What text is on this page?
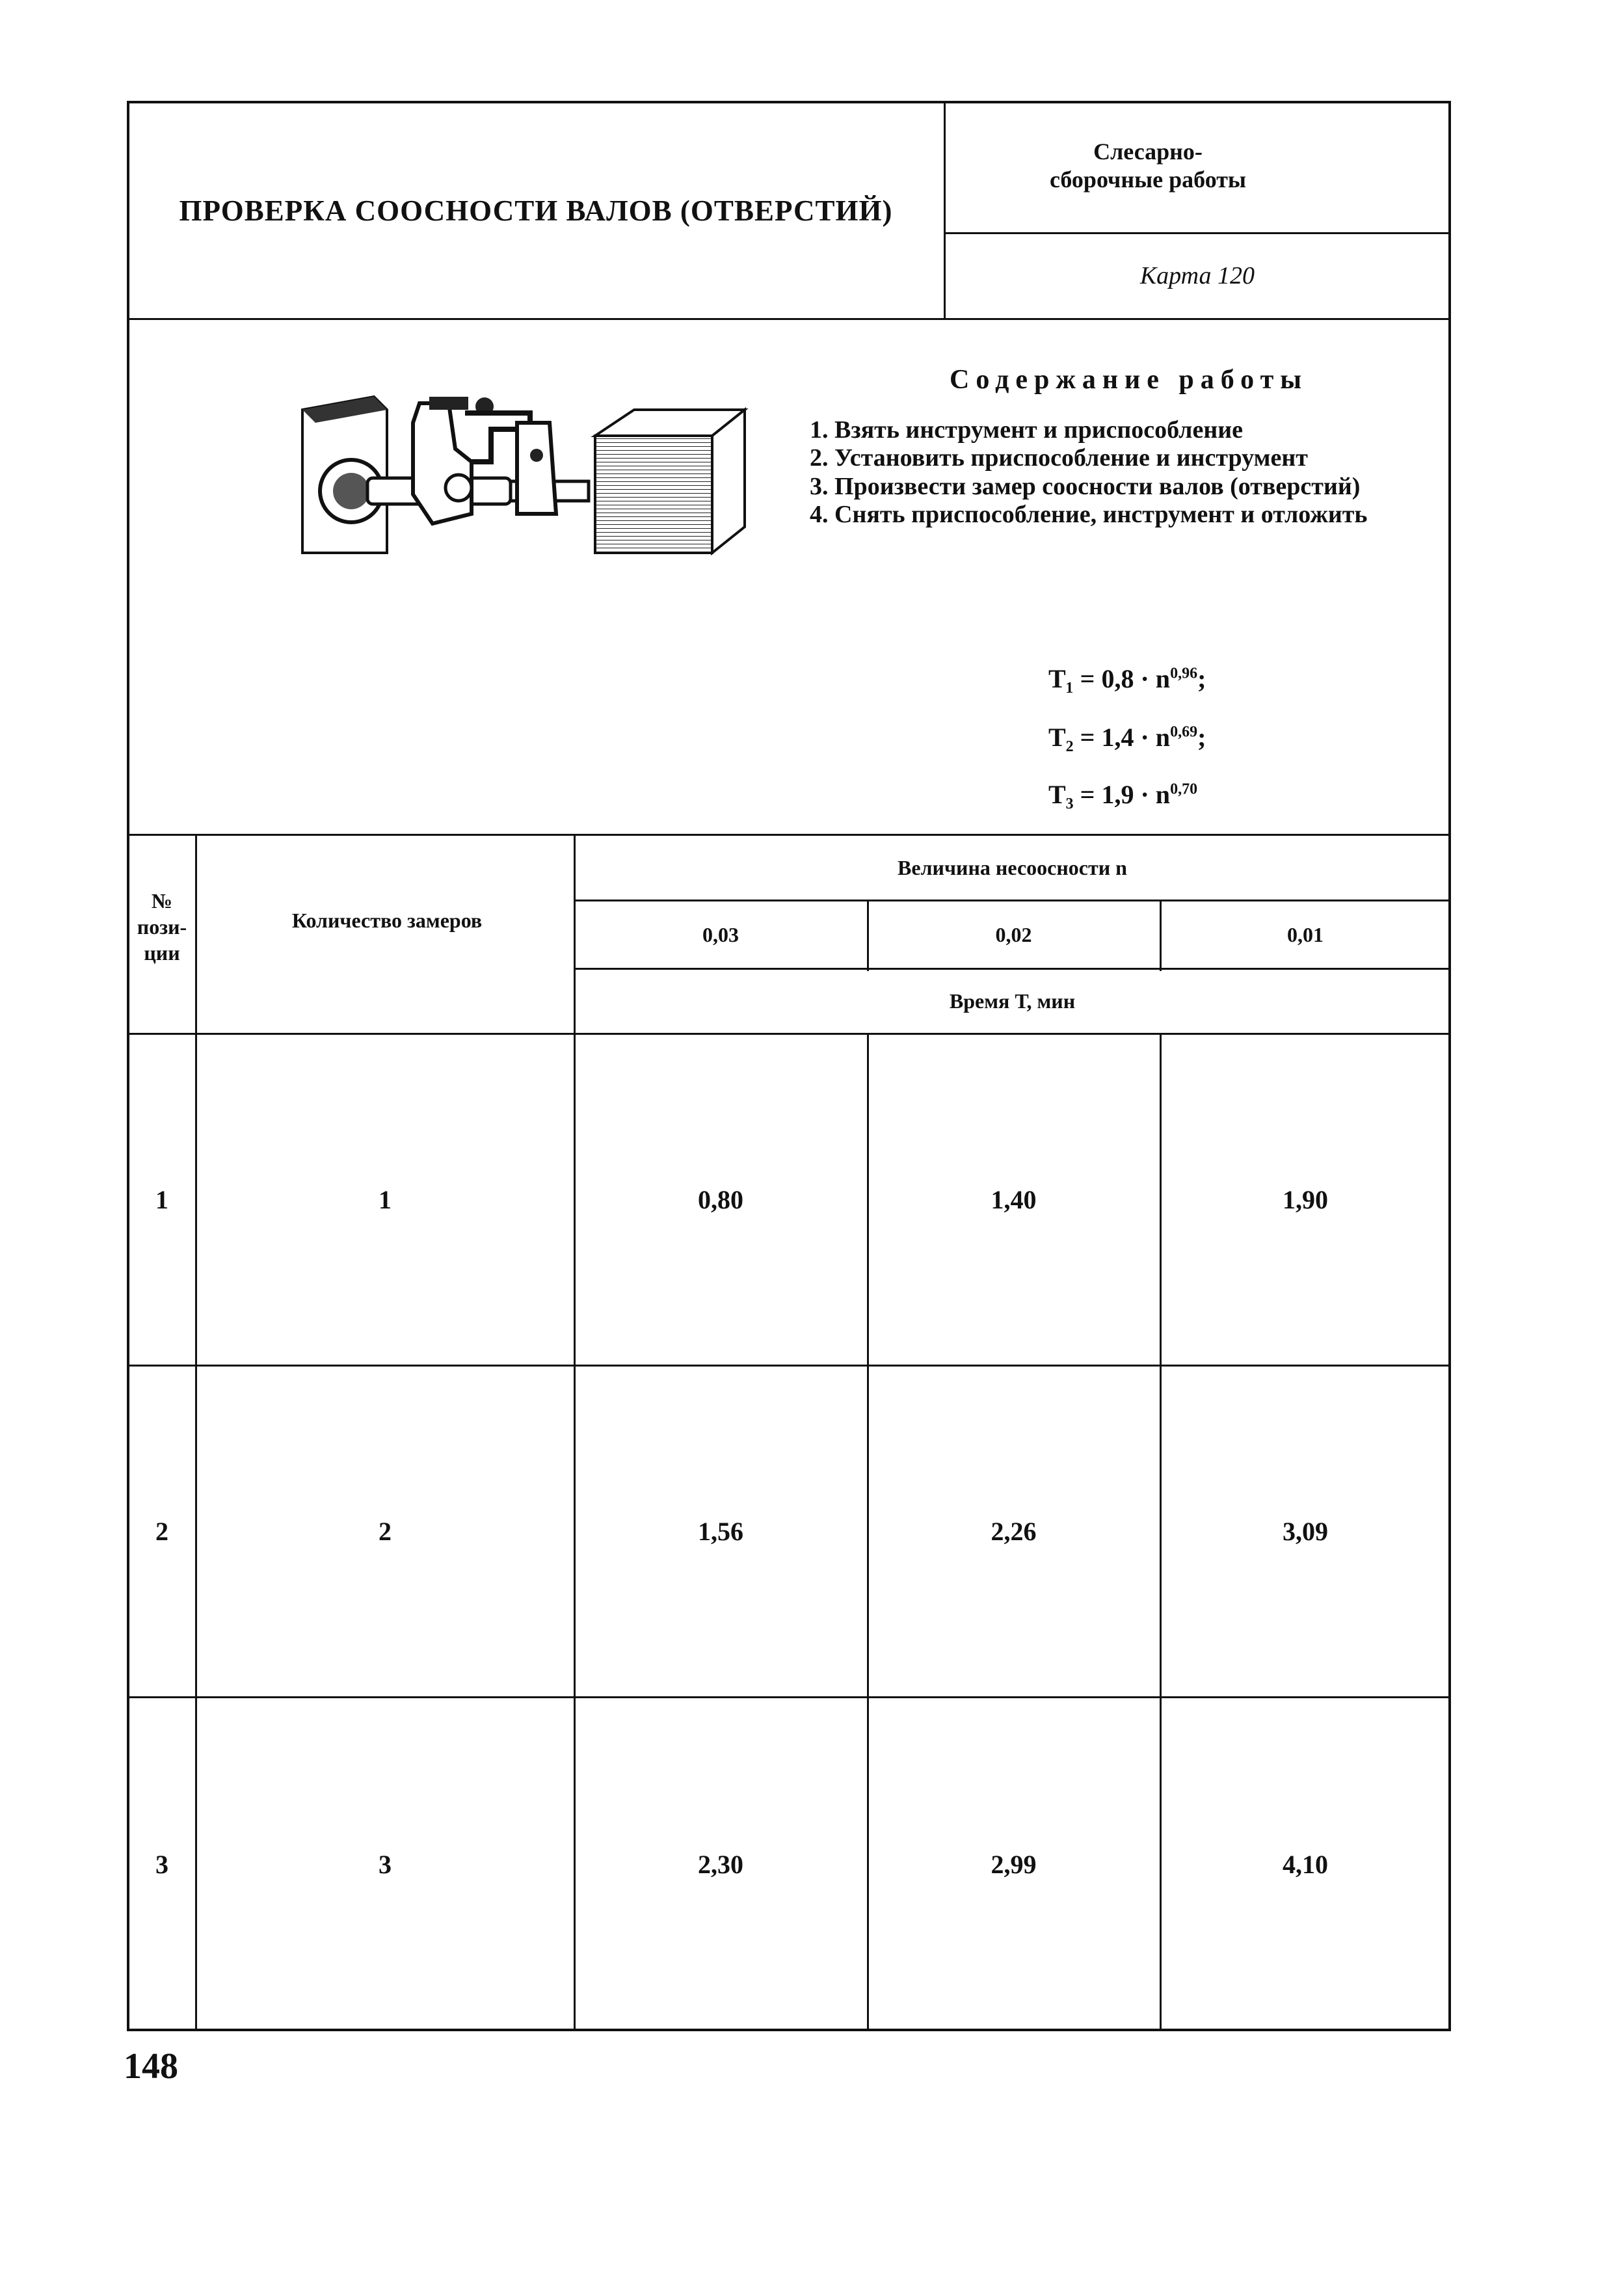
ПРОВЕРКА СООСНОСТИ ВАЛОВ (ОТВЕРСТИЙ)
Слесарно-сборочные работы
Карта 120
Содержание работы
1. Взять инструмент и приспособление
2. Установить приспособление и инструмент
3. Произвести замер соосности валов (отверстий)
4. Снять приспособление, инструмент и отложить
$T_1 = 0,8 \cdot n^{0,96}$;
$T_2 = 1,4 \cdot n^{0,69}$;
$T_3 = 1,9 \cdot n^{0,70}$
№ пози-ции
Количество замеров
Величина несоосности n
0,03	0,02	0,01
Время Т, мин
1	1	0,80	1,40	1,90
2	2	1,56	2,26	3,09
3	3	2,30	2,99	4,10
148
